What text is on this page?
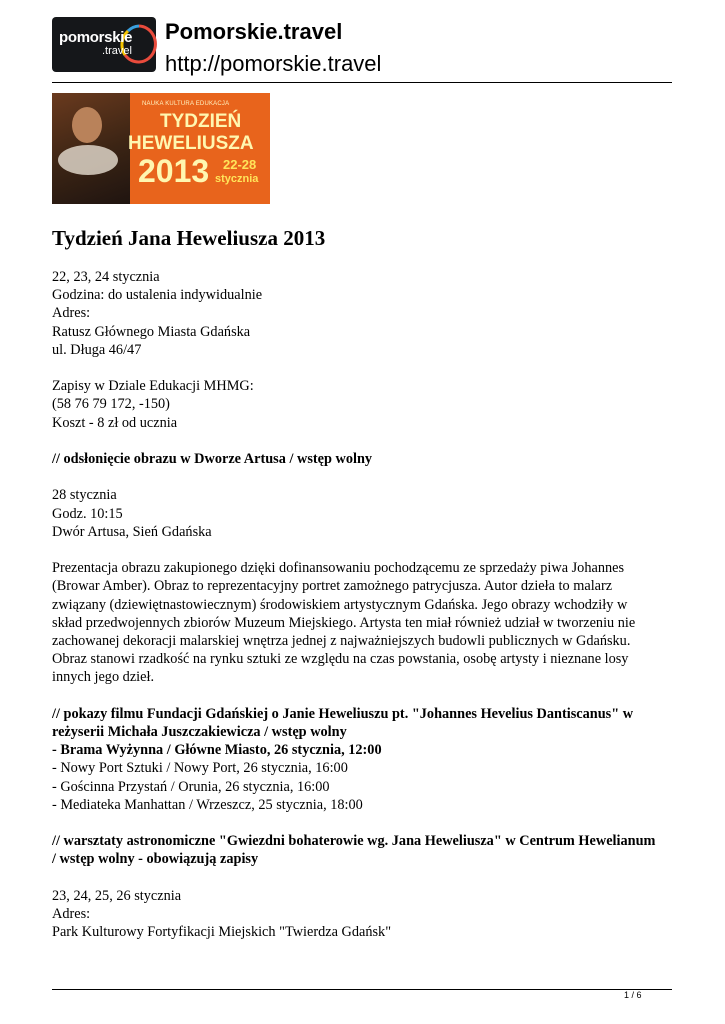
pomorskie
.travel
Pomorskie.travel
http://pomorskie.travel
NAUKA KULTURA EDUKACJA
TYDZIEŃ
HEWELIUSZA
2013 22-28
stycznia
Tydzień Jana Heweliusza 2013

22, 23, 24 stycznia
Godzina: do ustalenia indywidualnie
Adres:
Ratusz Głównego Miasta Gdańska
ul. Długa 46/47

Zapisy w Dziale Edukacji MHMG:
(58 76 79 172, -150)
Koszt - 8 zł od ucznia

// odsłonięcie obrazu w Dworze Artusa / wstęp wolny

28 stycznia
Godz. 10:15
Dwór Artusa, Sień Gdańska

Prezentacja obrazu zakupionego dzięki dofinansowaniu pochodzącemu ze sprzedaży piwa Johannes
(Browar Amber). Obraz to reprezentacyjny portret zamożnego patrycjusza. Autor dzieła to malarz
związany (dziewiętnastowiecznym) środowiskiem artystycznym Gdańska. Jego obrazy wchodziły w
skład przedwojennych zbiorów Muzeum Miejskiego. Artysta ten miał również udział w tworzeniu nie
zachowanej dekoracji malarskiej wnętrza jednej z najważniejszych budowli publicznych w Gdańsku.
Obraz stanowi rzadkość na rynku sztuki ze względu na czas powstania, osobę artysty i nieznane losy
innych jego dzieł.

// pokazy filmu Fundacji Gdańskiej o Janie Heweliuszu pt. "Johannes Hevelius Dantiscanus" w
reżyserii Michała Juszczakiewicza / wstęp wolny
- Brama Wyżynna / Główne Miasto, 26 stycznia, 12:00
- Nowy Port Sztuki / Nowy Port, 26 stycznia, 16:00
- Gościnna Przystań / Orunia, 26 stycznia, 16:00
- Mediateka Manhattan / Wrzeszcz, 25 stycznia, 18:00

// warsztaty astronomiczne "Gwiezdni bohaterowie wg. Jana Heweliusza" w Centrum Hewelianum
/ wstęp wolny - obowiązują zapisy

23, 24, 25, 26 stycznia
Adres:
Park Kulturowy Fortyfikacji Miejskich "Twierdza Gdańsk"

1 / 6
